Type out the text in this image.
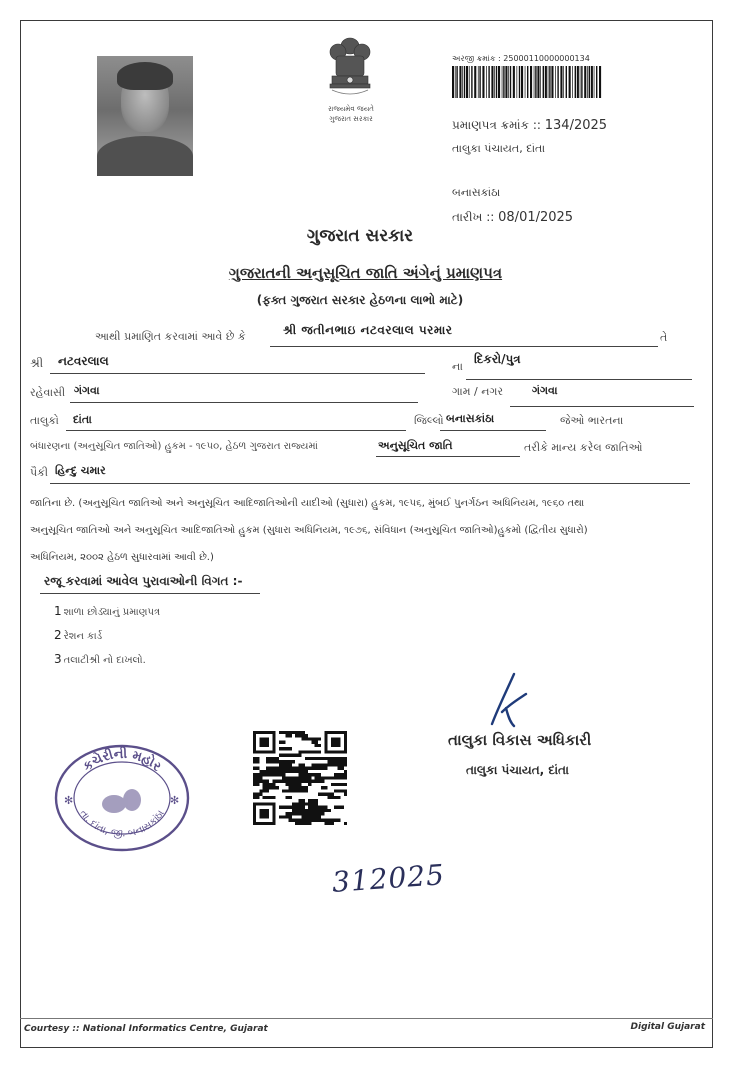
રાજ્યમેવ જયતે
ગુજરાત સરકાર
અરજી ક્રમાંક : 25000110000000134
પ્રમાણપત્ર ક્રમાંક :: 134/2025
તાલુકા પંચાયત, દાંતા
બનાસકાંઠા
તારીખ :: 08/01/2025
ગુજરાત સરકાર
ગુજરાતની અનુસૂચિત જાતિ અંગેનું પ્રમાણપત્ર
(ફક્ત ગુજરાત સરકાર હેઠળના લાભો માટે)
આથી પ્રમાણિત કરવામાં આવે છે કે	શ્રી જતીનભાઇ નટવરલાલ પરમાર
તે
શ્રી નટવરલાલ	ના
દિકરો/પુત્ર
રહેવાસી ગંગવા	ગામ / નગર	ગંગવા
તાલુકો દાંતા	જિલ્લો બનાસકાંઠા	જેઓ ભારતના
બંધારણના (અનુસૂચિત જાતિઓ) હુકમ - ૧૯૫૦, હેઠળ ગુજરાત રાજ્યમાં	અનુસૂચિત જાતિ	તરીકે માન્ય કરેલ જાતિઓ
પૈકી હિન્દુ ચમાર
જાતિના છે. (અનુસૂચિત જાતિઓ અને અનુસૂચિત આદિજાતિઓની યાદીઓ (સુધારા) હુકમ, ૧૯૫૬, મુંબઈ પુનર્ગઠન અધિનિયમ, ૧૯૬૦ તથા
અનુસૂચિત જાતિઓ અને અનુસૂચિત આદિજાતિઓ હુકમ (સુધારા અધિનિયમ, ૧૯૭૬, સંવિધાન (અનુસૂચિત જાતિઓ)હુકમો (દ્વિતીય સુધારો)
અધિનિયમ, ૨૦૦૨ હેઠળ સુધારવામાં આવી છે.)
રજૂ કરવામાં આવેલ પુરાવાઓની વિગત :-
1 શાળા છોડ્યાનું પ્રમાણપત્ર
2 રેશન કાર્ડ
3 તલાટીશ્રી નો દાખલો.
તાલુકા વિકાસ અધિકારી
તાલુકા પંચાયત, દાંતા
કચેરીની મહોર
તા. દાંતા, જી. બનાસકાંઠા
✻	✻
312025
Courtesy :: National Informatics Centre, Gujarat	Digital Gujarat
